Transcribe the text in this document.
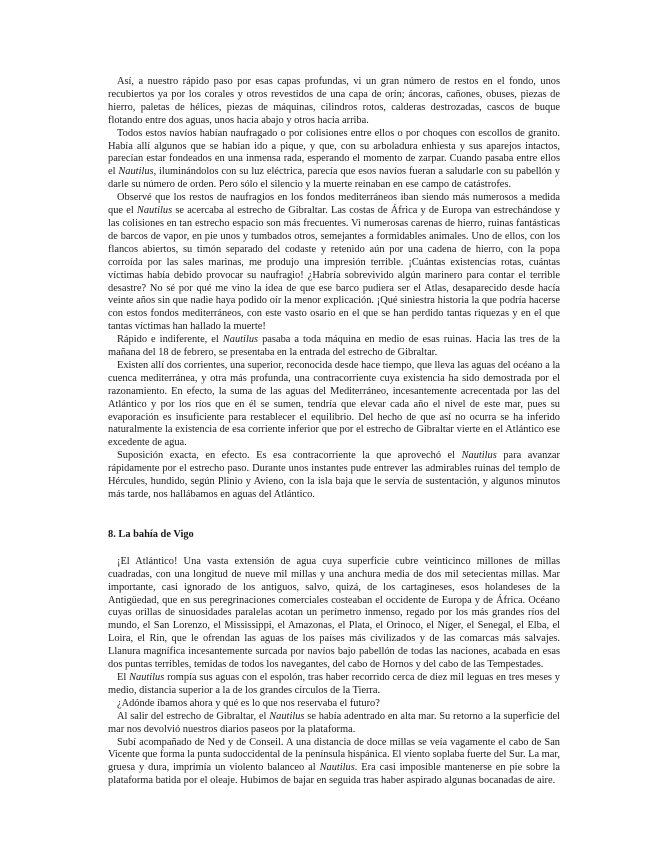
Así, a nuestro rápido paso por esas capas profundas, vi un gran número de restos en el fondo, unos recubiertos ya por los corales y otros revestidos de una capa de orín; áncoras, cañones, obuses, piezas de hierro, paletas de hélices, piezas de máquinas, cilindros rotos, calderas destrozadas, cascos de buque flotando entre dos aguas, unos hacia abajo y otros hacia arriba.

Todos estos navíos habían naufragado o por colisiones entre ellos o por choques con escollos de granito. Había allí algunos que se habían ido a pique, y que, con su arboladura enhiesta y sus aparejos intactos, parecían estar fondeados en una inmensa rada, esperando el momento de zarpar. Cuando pasaba entre ellos el Nautilus, iluminándolos con su luz eléctrica, parecía que esos navíos fueran a saludarle con su pabellón y darle su número de orden. Pero sólo el silencio y la muerte reinaban en ese campo de catástrofes.

Observé que los restos de naufragios en los fondos mediterráneos iban siendo más numerosos a medida que el Nautilus se acercaba al estrecho de Gibraltar. Las costas de África y de Europa van estrechándose y las colisiones en tan estrecho espacio son más frecuentes. Vi numerosas carenas de hierro, ruinas fantásticas de barcos de vapor, en pie unos y tumbados otros, semejantes a formidables animales. Uno de ellos, con los flancos abiertos, su timón separado del codaste y retenido aún por una cadena de hierro, con la popa corroída por las sales marinas, me produjo una impresión terrible. ¡Cuántas existencias rotas, cuántas víctimas había debido provocar su naufragio! ¿Habría sobrevivido algún marinero para contar el terrible desastre? No sé por qué me vino la idea de que ese barco pudiera ser el Atlas, desaparecido desde hacía veinte años sin que nadie haya podido oír la menor explicación. ¡Qué siniestra historia la que podría hacerse con estos fondos mediterráneos, con este vasto osario en el que se han perdido tantas riquezas y en el que tantas víctimas han hallado la muerte!

Rápido e indiferente, el Nautilus pasaba a toda máquina en medio de esas ruinas. Hacia las tres de la mañana del 18 de febrero, se presentaba en la entrada del estrecho de Gibraltar.

Existen allí dos corrientes, una superior, reconocida desde hace tiempo, que lleva las aguas del océano a la cuenca mediterránea, y otra más profunda, una contracorriente cuya existencia ha sido demostrada por el razonamiento. En efecto, la suma de las aguas del Mediterráneo, incesantemente acrecentada por las del Atlántico y por los ríos que en él se sumen, tendría que elevar cada año el nivel de este mar, pues su evaporación es insuficiente para restablecer el equilibrio. Del hecho de que así no ocurra se ha inferido naturalmente la existencia de esa corriente inferior que por el estrecho de Gibraltar vierte en el Atlántico ese excedente de agua.

Suposición exacta, en efecto. Es esa contracorriente la que aprovechó el Nautilus para avanzar rápidamente por el estrecho paso. Durante unos instantes pude entrever las admirables ruinas del templo de Hércules, hundido, según Plinio y Avieno, con la isla baja que le servía de sustentación, y algunos minutos más tarde, nos hallábamos en aguas del Atlántico.

8. La bahía de Vigo

¡El Atlántico! Una vasta extensión de agua cuya superficie cubre veinticinco millones de millas cuadradas, con una longitud de nueve mil millas y una anchura media de dos mil setecientas millas. Mar importante, casi ignorado de los antiguos, salvo, quizá, de los cartagineses, esos holandeses de la Antigüedad, que en sus peregrinaciones comerciales costeaban el occidente de Europa y de África. Océano cuyas orillas de sinuosidades paralelas acotan un perímetro inmenso, regado por los más grandes ríos del mundo, el San Lorenzo, el Mississippi, el Amazonas, el Plata, el Orinoco, el Níger, el Senegal, el Elba, el Loira, el Rin, que le ofrendan las aguas de los países más civilizados y de las comarcas más salvajes. Llanura magnífica incesantemente surcada por navíos bajo pabellón de todas las naciones, acabada en esas dos puntas terribles, temidas de todos los navegantes, del cabo de Hornos y del cabo de las Tempestades.

El Nautilus rompía sus aguas con el espolón, tras haber recorrido cerca de diez mil leguas en tres meses y medio, distancia superior a la de los grandes círculos de la Tierra.

¿Adónde íbamos ahora y qué es lo que nos reservaba el futuro?

Al salir del estrecho de Gibraltar, el Nautilus se había adentrado en alta mar. Su retorno a la superficie del mar nos devolvió nuestros diarios paseos por la plataforma.

Subí acompañado de Ned y de Conseil. A una distancia de doce millas se veía vagamente el cabo de San Vicente que forma la punta sudoccidental de la península hispánica. El viento soplaba fuerte del Sur. La mar, gruesa y dura, imprimía un violento balanceo al Nautilus. Era casi imposible mantenerse en pie sobre la plataforma batida por el oleaje. Hubimos de bajar en seguida tras haber aspirado algunas bocanadas de aire.
